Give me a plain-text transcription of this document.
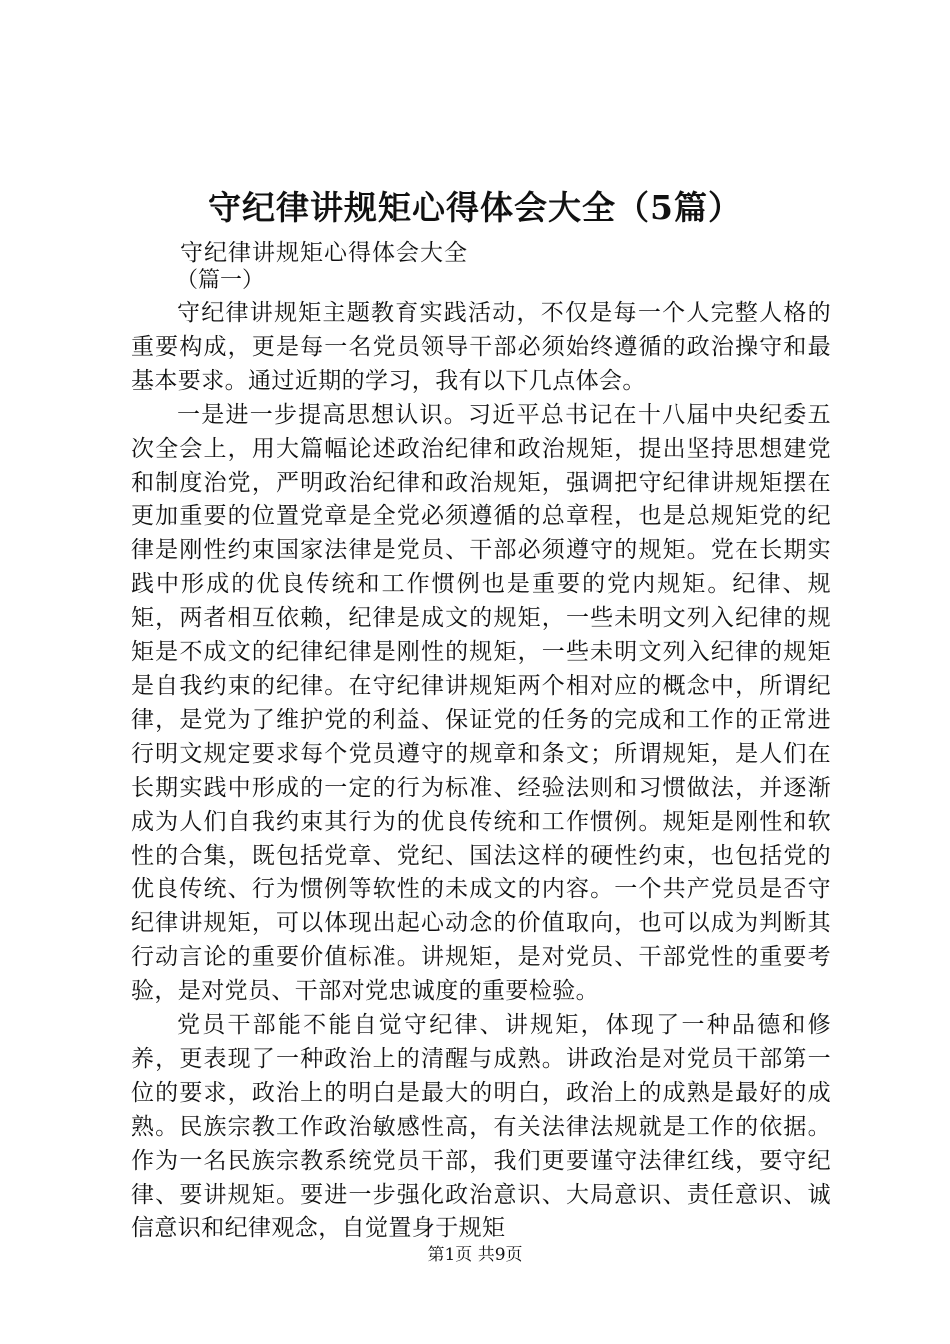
守纪律讲规矩心得体会大全（5篇）
守纪律讲规矩心得体会大全
（篇一）

守纪律讲规矩主题教育实践活动，不仅是每一个人完整人格的重要构成，更是每一名党员领导干部必须始终遵循的政治操守和最基本要求。通过近期的学习，我有以下几点体会。

一是进一步提高思想认识。习近平总书记在十八届中央纪委五次全会上，用大篇幅论述政治纪律和政治规矩，提出坚持思想建党和制度治党，严明政治纪律和政治规矩，强调把守纪律讲规矩摆在更加重要的位置党章是全党必须遵循的总章程，也是总规矩党的纪律是刚性约束国家法律是党员、干部必须遵守的规矩。党在长期实践中形成的优良传统和工作惯例也是重要的党内规矩。纪律、规矩，两者相互依赖，纪律是成文的规矩，一些未明文列入纪律的规矩是不成文的纪律纪律是刚性的规矩，一些未明文列入纪律的规矩是自我约束的纪律。在守纪律讲规矩两个相对应的概念中，所谓纪律，是党为了维护党的利益、保证党的任务的完成和工作的正常进行明文规定要求每个党员遵守的规章和条文；所谓规矩，是人们在长期实践中形成的一定的行为标准、经验法则和习惯做法，并逐渐成为人们自我约束其行为的优良传统和工作惯例。规矩是刚性和软性的合集，既包括党章、党纪、国法这样的硬性约束，也包括党的优良传统、行为惯例等软性的未成文的内容。一个共产党员是否守纪律讲规矩，可以体现出起心动念的价值取向，也可以成为判断其行动言论的重要价值标准。讲规矩，是对党员、干部党性的重要考验，是对党员、干部对党忠诚度的重要检验。

党员干部能不能自觉守纪律、讲规矩，体现了一种品德和修养，更表现了一种政治上的清醒与成熟。讲政治是对党员干部第一位的要求，政治上的明白是最大的明白，政治上的成熟是最好的成熟。民族宗教工作政治敏感性高，有关法律法规就是工作的依据。作为一名民族宗教系统党员干部，我们更要谨守法律红线，要守纪律、要讲规矩。要进一步强化政治意识、大局意识、责任意识、诚信意识和纪律观念，自觉置身于规矩

第1页 共9页
